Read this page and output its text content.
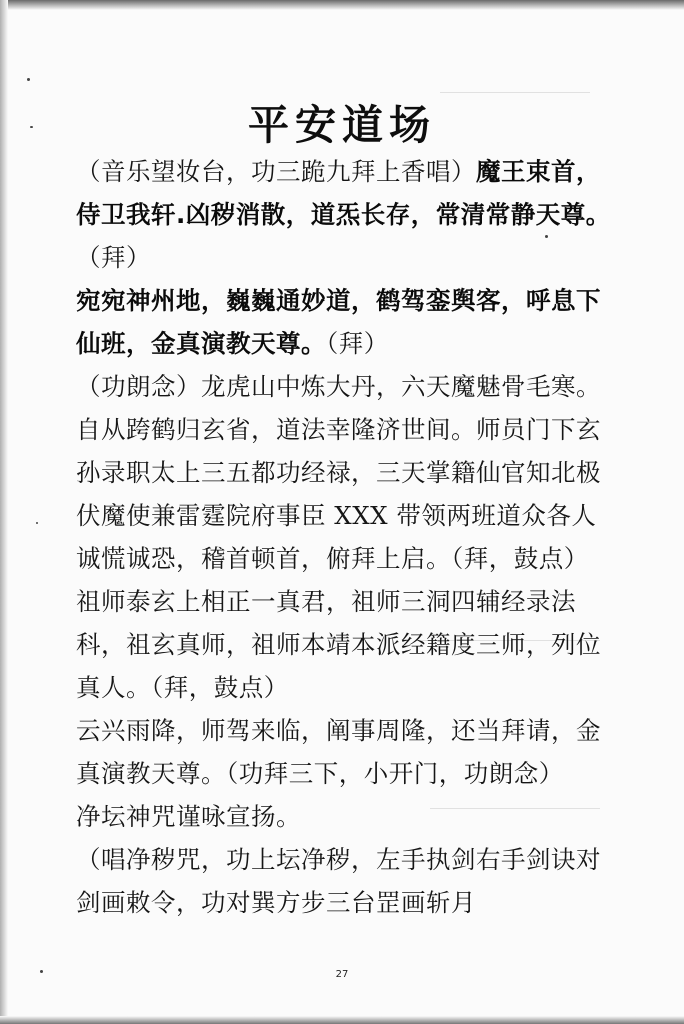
平安道场

（音乐望妆台，功三跪九拜上香唱）魔王束首，侍卫我轩.凶秽消散，道炁长存，常清常静天尊。（拜）

宛宛神州地，巍巍通妙道，鹤驾銮舆客，呼息下仙班，金真演教天尊。（拜）

（功朗念）龙虎山中炼大丹，六天魔魅骨毛寒。自从跨鹤归玄省，道法幸隆济世间。师员门下玄孙录职太上三五都功经禄，三天掌籍仙官知北极伏魔使兼雷霆院府事臣 XXX 带领两班道众各人诚慌诚恐，稽首顿首，俯拜上启。（拜，鼓点）

祖师泰玄上相正一真君，祖师三洞四辅经录法科，祖玄真师，祖师本靖本派经籍度三师，列位真人。（拜，鼓点）

云兴雨降，师驾来临，阐事周隆，还当拜请，金真演教天尊。（功拜三下，小开门，功朗念）

净坛神咒谨咏宣扬。

（唱净秽咒，功上坛净秽，左手执剑右手剑诀对剑画敕令，功对巽方步三台罡画斩月

27
